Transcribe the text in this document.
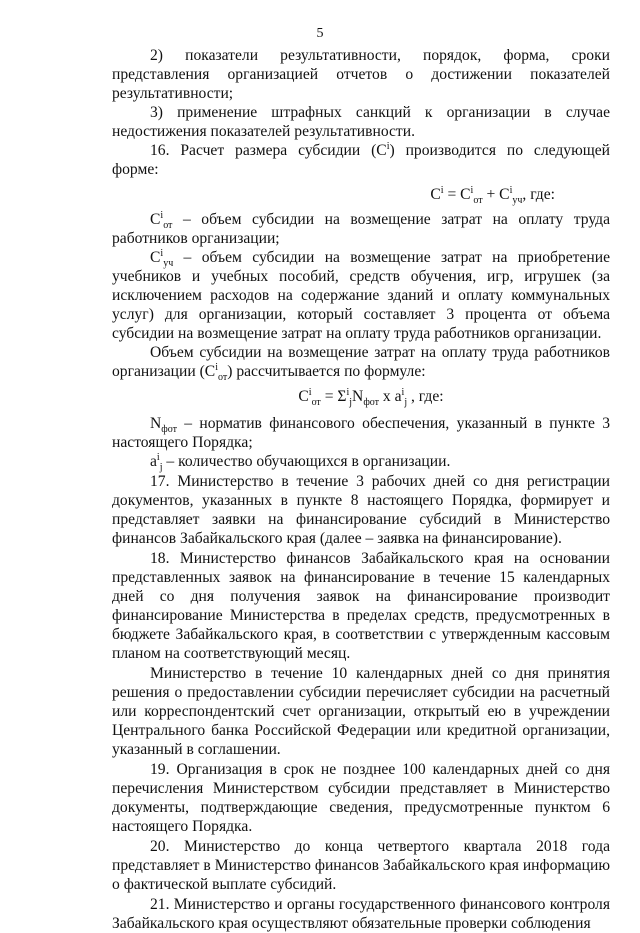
5

2) показатели результативности, порядок, форма, сроки представления организацией отчетов о достижении показателей результативности;

3) применение штрафных санкций к организации в случае недостижения показателей результативности.

16. Расчет размера субсидии $(C^i)$ производится по следующей форме:

$C^i = C^i_{от} + C^i_{уч}$, где:

$C^i_{от}$ – объем субсидии на возмещение затрат на оплату труда работников организации;

$C^i_{уч}$ – объем субсидии на возмещение затрат на приобретение учебников и учебных пособий, средств обучения, игр, игрушек (за исключением расходов на содержание зданий и оплату коммунальных услуг) для организации, который составляет 3 процента от объема субсидии на возмещение затрат на оплату труда работников организации.

Объем субсидии на возмещение затрат на оплату труда работников организации $(C^i_{от})$ рассчитывается по формуле:

$C^i_{от} = \Sigma^i_jN_{фот}$ x $a^i_j$ , где:

$N_{фот}$ – норматив финансового обеспечения, указанный в пункте 3 настоящего Порядка;

$a^i_j$ – количество обучающихся в организации.

17. Министерство в течение 3 рабочих дней со дня регистрации документов, указанных в пункте 8 настоящего Порядка, формирует и представляет заявки на финансирование субсидий в Министерство финансов Забайкальского края (далее – заявка на финансирование).

18. Министерство финансов Забайкальского края на основании представленных заявок на финансирование в течение 15 календарных дней со дня получения заявок на финансирование производит финансирование Министерства в пределах средств, предусмотренных в бюджете Забайкальского края, в соответствии с утвержденным кассовым планом на соответствующий месяц.

Министерство в течение 10 календарных дней со дня принятия решения о предоставлении субсидии перечисляет субсидии на расчетный или корреспондентский счет организации, открытый ею в учреждении Центрального банка Российской Федерации или кредитной организации, указанный в соглашении.

19. Организация в срок не позднее 100 календарных дней со дня перечисления Министерством субсидии представляет в Министерство документы, подтверждающие сведения, предусмотренные пунктом 6 настоящего Порядка.

20. Министерство до конца четвертого квартала 2018 года представляет в Министерство финансов Забайкальского края информацию о фактической выплате субсидий.

21. Министерство и органы государственного финансового контроля Забайкальского края осуществляют обязательные проверки соблюдения
